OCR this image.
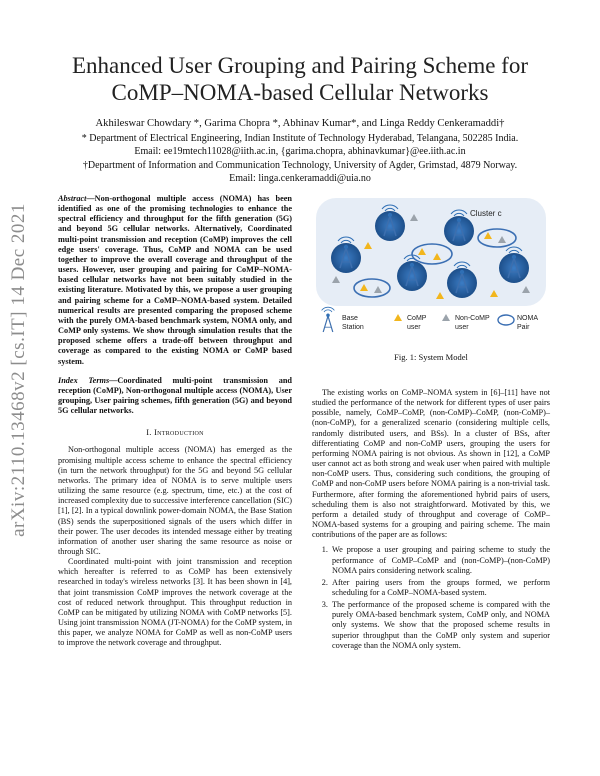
arXiv:2110.13468v2 [cs.IT] 14 Dec 2021
Enhanced User Grouping and Pairing Scheme for CoMP–NOMA-based Cellular Networks
Akhileswar Chowdary *, Garima Chopra *, Abhinav Kumar*, and Linga Reddy Cenkeramaddi†
* Department of Electrical Engineering, Indian Institute of Technology Hyderabad, Telangana, 502285 India.
Email: ee19mtech11028@iith.ac.in, {garima.chopra, abhinavkumar}@ee.iith.ac.in
†Department of Information and Communication Technology, University of Agder, Grimstad, 4879 Norway.
Email: linga.cenkeramaddi@uia.no
Abstract—Non-orthogonal multiple access (NOMA) has been identified as one of the promising technologies to enhance the spectral efficiency and throughput for the fifth generation (5G) and beyond 5G cellular networks. Alternatively, Coordinated multi-point transmission and reception (CoMP) improves the cell edge users' coverage. Thus, CoMP and NOMA can be used together to improve the overall coverage and throughput of the users. However, user grouping and pairing for CoMP–NOMA-based cellular networks have not been suitably studied in the existing literature. Motivated by this, we propose a user grouping and pairing scheme for a CoMP–NOMA-based system. Detailed numerical results are presented comparing the proposed scheme with the purely OMA-based benchmark system, NOMA only, and CoMP only systems. We show through simulation results that the proposed scheme offers a trade-off between throughput and coverage as compared to the existing NOMA or CoMP based system.
Index Terms—Coordinated multi-point transmission and reception (CoMP), Non-orthogonal multiple access (NOMA), User grouping, User pairing schemes, fifth generation (5G) and beyond 5G cellular networks.
I. Introduction

Non-orthogonal multiple access (NOMA) has emerged as the promising multiple access scheme to enhance the spectral efficiency (in turn the network throughput) for the 5G and beyond 5G cellular networks. The primary idea of NOMA is to serve multiple users utilizing the same resource (e.g. spectrum, time, etc.) at the cost of increased complexity due to successive interference cancellation (SIC) [1], [2]. In a typical downlink power-domain NOMA, the Base Station (BS) sends the superpositioned signals of the users which differ in their power. The user decodes its intended message either by treating information of another user sharing the same resource as noise or through SIC.

Coordinated multi-point with joint transmission and reception which hereafter is referred to as CoMP has been extensively researched in today's wireless networks [3]. It has been shown in [4], that joint transmission CoMP improves the network coverage at the cost of reduced network throughput. This throughput reduction in CoMP can be mitigated by utilizing NOMA with CoMP networks [5]. Using joint transmission NOMA (JT-NOMA) for the CoMP system, in this paper, we analyze NOMA for CoMP as well as non-CoMP users to improve the network coverage and throughput.

Cluster c
Base Station
CoMP user
Non-CoMP user
NOMA Pair
Fig. 1: System Model

The existing works on CoMP–NOMA system in [6]–[11] have not studied the performance of the network for different types of user pairs possible, namely, CoMP–CoMP, (non-CoMP)–CoMP, (non-CoMP)–(non-CoMP), for a generalized scenario (considering multiple cells, randomly distributed users, and BSs). In a cluster of BSs, after differentiating CoMP and non-CoMP users, grouping the users for performing NOMA pairing is not obvious. As shown in [12], a CoMP user cannot act as both strong and weak user when paired with multiple non-CoMP users. Thus, considering such conditions, the grouping of CoMP and non-CoMP users before NOMA pairing is a non-trivial task. Furthermore, after forming the aforementioned hybrid pairs of users, scheduling them is also not straightforward. Motivated by this, we perform a detailed study of throughput and coverage of CoMP–NOMA-based systems for a grouping and pairing scheme. The main contributions of the paper are as follows:

1. We propose a user grouping and pairing scheme to study the performance of CoMP–CoMP and (non-CoMP)–(non-CoMP) NOMA pairs considering network scaling.
2. After pairing users from the groups formed, we perform scheduling for a CoMP–NOMA-based system.
3. The performance of the proposed scheme is compared with the purely OMA-based benchmark system, CoMP only, and NOMA only systems. We show that the proposed scheme results in superior throughput than the CoMP only system and superior coverage than the NOMA only system.
